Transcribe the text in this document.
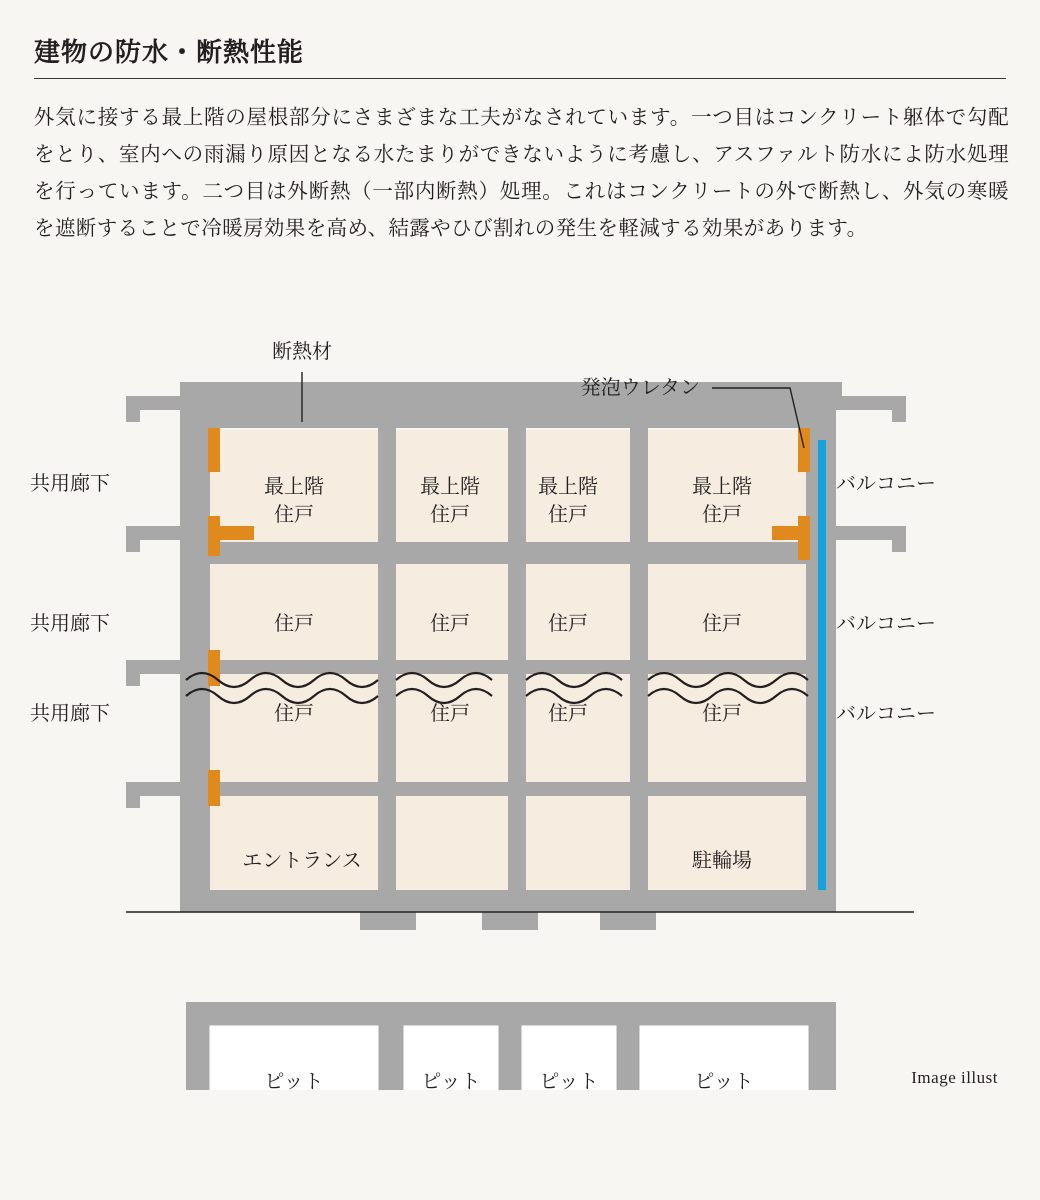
建物の防水・断熱性能
外気に接する最上階の屋根部分にさまざまな工夫がなされています。一つ目はコンクリート躯体で勾配をとり、室内への雨漏り原因となる水たまりができないように考慮し、アスファルト防水によ防水処理を行っています。二つ目は外断熱（一部内断熱）処理。これはコンクリートの外で断熱し、外気の寒暖を遮断することで冷暖房効果を高め、結露やひび割れの発生を軽減する効果があります。
断熱材
発泡ウレタン
共用廊下
共用廊下
共用廊下
バルコニー
バルコニー
バルコニー
最上階
住戸
最上階
住戸
最上階
住戸
最上階
住戸
住戸	住戸	住戸	住戸
住戸	住戸	住戸	住戸
エントランス	駐輪場
ピット	ピット	ピット	ピット	Image illust
